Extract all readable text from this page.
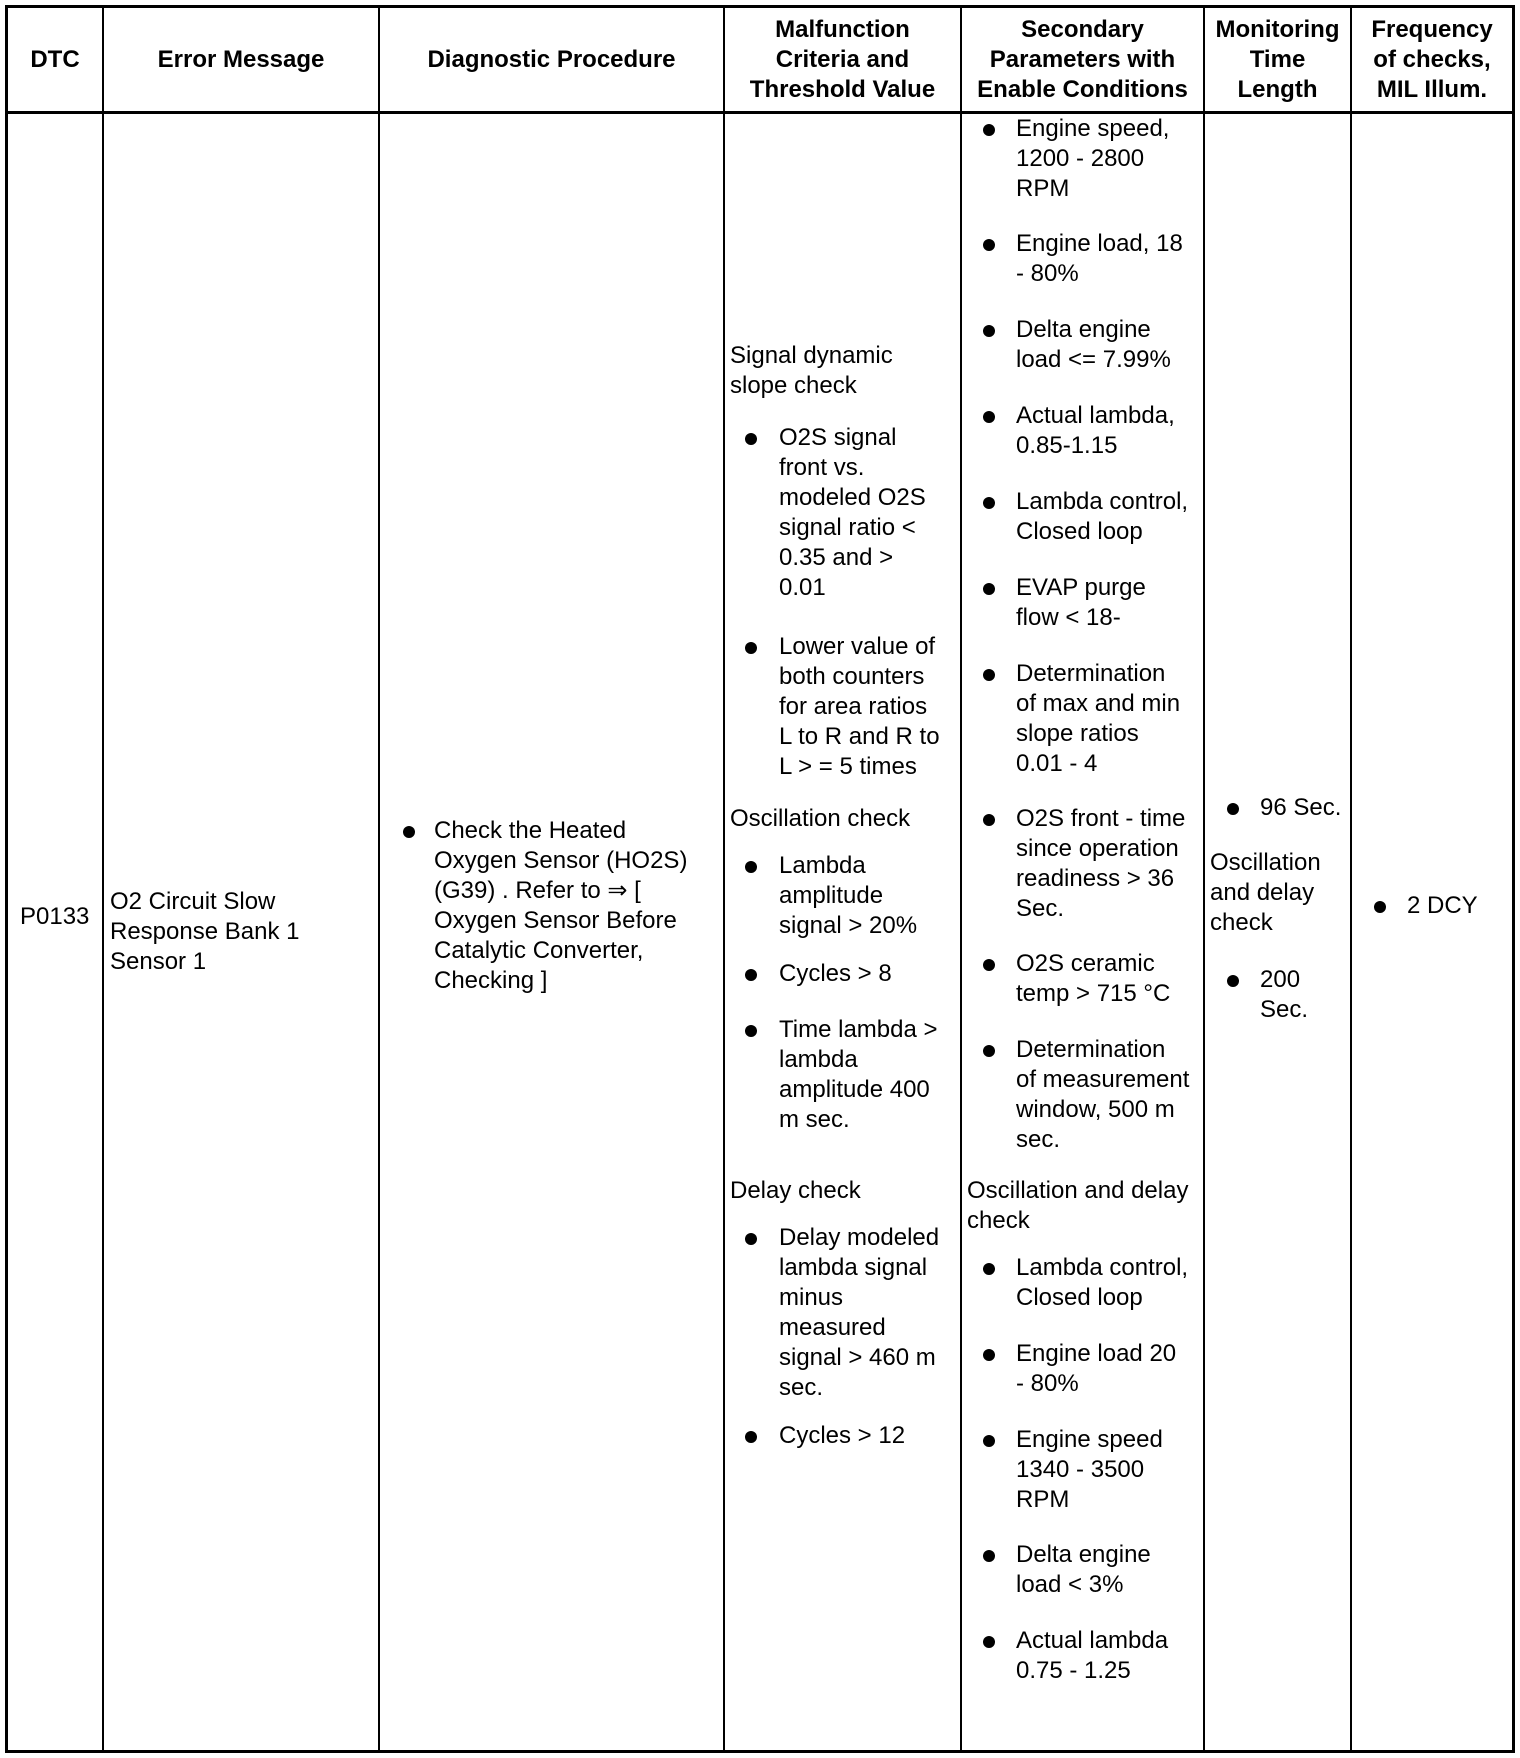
DTC	Error Message	Diagnostic Procedure
Malfunction
Criteria and
Threshold Value
Secondary
Parameters with
Enable Conditions
Monitoring
Time
Length
Frequency
of checks,
MIL Illum.
P0133
O2 Circuit Slow
Response Bank 1
Sensor 1
Check the Heated
Oxygen Sensor (HO2S)
(G39) . Refer to ⇒ [
Oxygen Sensor Before
Catalytic Converter,
Checking ]
Signal dynamic
slope check
O2S signal
front vs.
modeled O2S
signal ratio <
0.35 and >
0.01
Lower value of
both counters
for area ratios
L to R and R to
L > = 5 times
Oscillation check
Lambda
amplitude
signal > 20%
Cycles > 8
Time lambda >
lambda
amplitude 400
m sec.
Delay check
Delay modeled
lambda signal
minus
measured
signal > 460 m
sec.
Cycles > 12
Engine speed,
1200 - 2800
RPM
Engine load, 18
- 80%
Delta engine
load <= 7.99%
Actual lambda,
0.85-1.15
Lambda control,
Closed loop
EVAP purge
flow < 18-
Determination
of max and min
slope ratios
0.01 - 4
O2S front - time
since operation
readiness > 36
Sec.
O2S ceramic
temp > 715 °C
Determination
of measurement
window, 500 m
sec.
Oscillation and delay
check
Lambda control,
Closed loop
Engine load 20
- 80%
Engine speed
1340 - 3500
RPM
Delta engine
load < 3%
Actual lambda
0.75 - 1.25
96 Sec.
Oscillation
and delay
check
200
Sec.
2 DCY
